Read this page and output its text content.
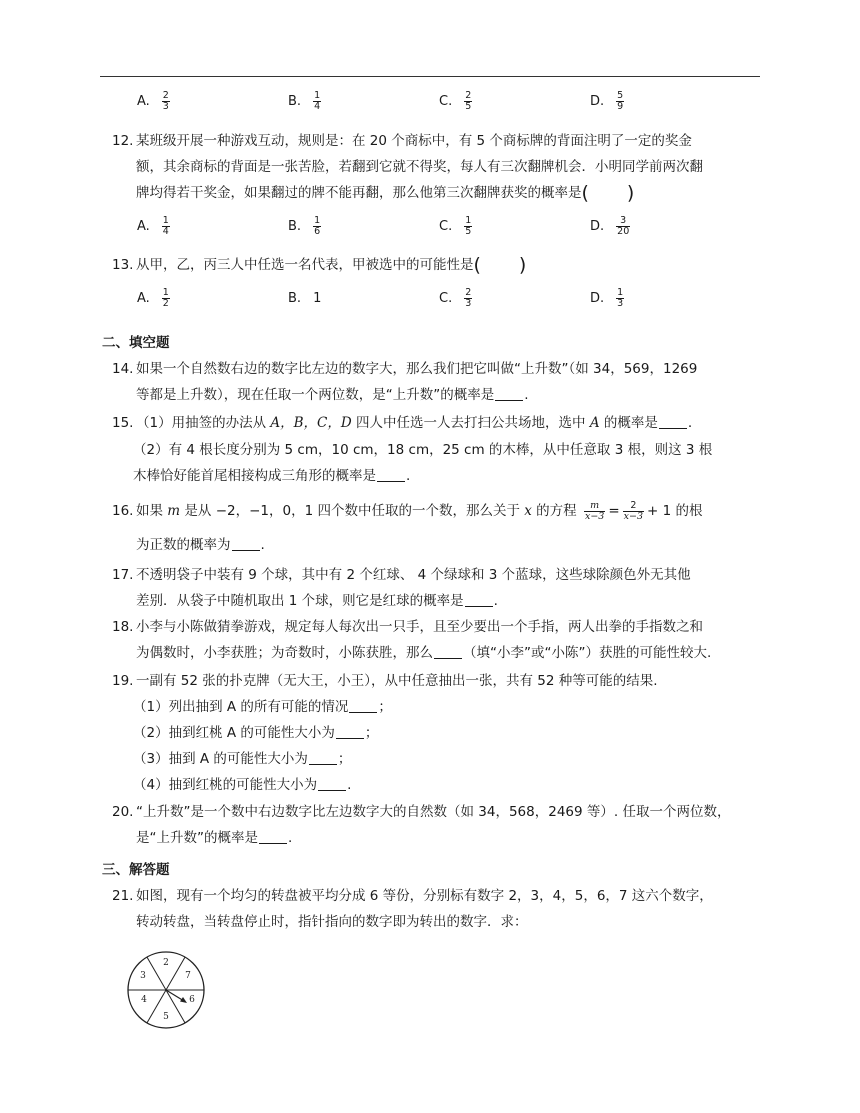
A. $\frac{2}{3}$	B. $\frac{1}{4}$	C. $\frac{2}{5}$	D. $\frac{5}{9}$
12. 某班级开展一种游戏互动，规则是：在 20 个商标中，有 5 个商标牌的背面注明了一定的奖金
额，其余商标的背面是一张苦脸，若翻到它就不得奖，每人有三次翻牌机会．小明同学前两次翻
牌均得若干奖金，如果翻过的牌不能再翻，那么他第三次翻牌获奖的概率是(　　)
A. $\frac{1}{4}$	B. $\frac{1}{6}$	C. $\frac{1}{5}$	D. $\frac{3}{20}$
13. 从甲，乙，丙三人中任选一名代表，甲被选中的可能性是(　　)
A. $\frac{1}{2}$	B. 1	C. $\frac{2}{3}$	D. $\frac{1}{3}$
二、填空题
14. 如果一个自然数右边的数字比左边的数字大，那么我们把它叫做“上升数”（如 34，569，1269
等都是上升数），现在任取一个两位数，是“上升数”的概率是 .
15. （1）用抽签的办法从 A，B，C，D 四人中任选一人去打扫公共场地，选中 A 的概率是 .
（2）有 4 根长度分别为 5 cm，10 cm，18 cm，25 cm 的木棒，从中任意取 3 根，则这 3 根
木棒恰好能首尾相接构成三角形的概率是 .
16. 如果 m 是从 −2，−1，0，1 四个数中任取的一个数，那么关于 x 的方程 $\frac{m}{x-3} = \frac{2}{x-3} + 1$ 的根
为正数的概率为 .
17. 不透明袋子中装有 9 个球，其中有 2 个红球、 4 个绿球和 3 个蓝球，这些球除颜色外无其他
差别．从袋子中随机取出 1 个球，则它是红球的概率是 .
18. 小李与小陈做猜拳游戏，规定每人每次出一只手，且至少要出一个手指，两人出拳的手指数之和
为偶数时，小李获胜；为奇数时，小陈获胜，那么 （填“小李”或“小陈”）获胜的可能性较大.
19. 一副有 52 张的扑克牌（无大王，小王），从中任意抽出一张，共有 52 种等可能的结果.
（1）列出抽到 A 的所有可能的情况 ；
（2）抽到红桃 A 的可能性大小为 ；
（3）抽到 A 的可能性大小为 ；
（4）抽到红桃的可能性大小为 .
20. “上升数”是一个数中右边数字比左边数字大的自然数（如 34，568，2469 等）. 任取一个两位数，
是“上升数”的概率是 .
三、解答题
21. 如图，现有一个均匀的转盘被平均分成 6 等份，分别标有数字 2，3，4，5，6，7 这六个数字，
转动转盘，当转盘停止时，指针指向的数字即为转出的数字．求：
2
7
6
5
4
3
